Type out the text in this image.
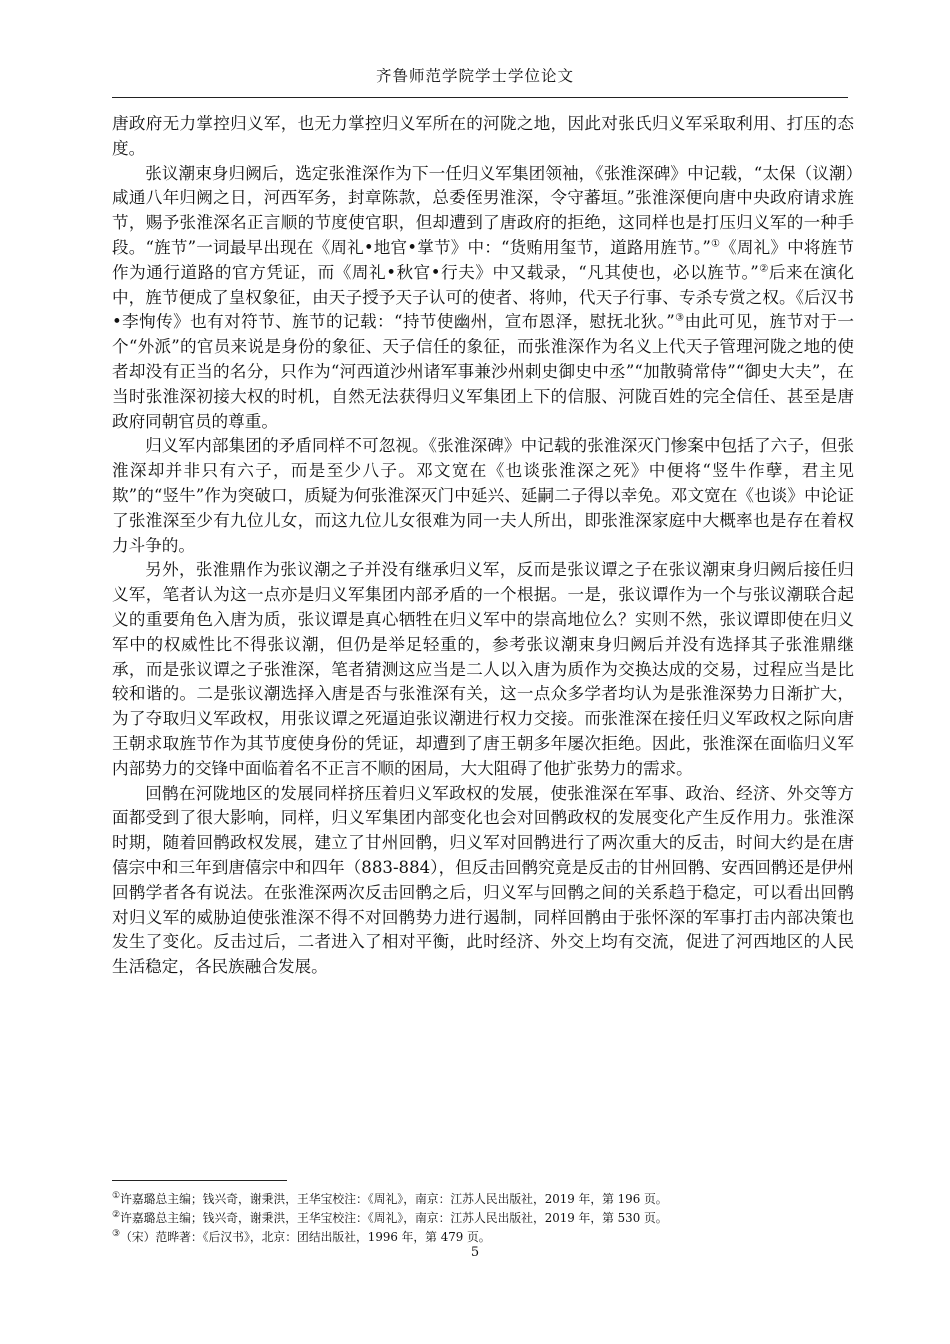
齐鲁师范学院学士学位论文

唐政府无力掌控归义军，也无力掌控归义军所在的河陇之地，因此对张氏归义军采取利用、打压的态度。

张议潮束身归阙后，选定张淮深作为下一任归义军集团领袖，《张淮深碑》中记载，“太保（议潮）咸通八年归阙之日，河西军务，封章陈款，总委侄男淮深，令守蕃垣。”张淮深便向唐中央政府请求旌节，赐予张淮深名正言顺的节度使官职，但却遭到了唐政府的拒绝，这同样也是打压归义军的一种手段。“旌节”一词最早出现在《周礼•地官•掌节》中：“货贿用玺节，道路用旌节。”①《周礼》中将旌节作为通行道路的官方凭证，而《周礼•秋官•行夫》中又载录，“凡其使也，必以旌节。”②后来在演化中，旌节便成了皇权象征，由天子授予天子认可的使者、将帅，代天子行事、专杀专赏之权。《后汉书•李恂传》也有对符节、旌节的记载：“持节使幽州，宣布恩泽，慰抚北狄。”③由此可见，旌节对于一个“外派”的官员来说是身份的象征、天子信任的象征，而张淮深作为名义上代天子管理河陇之地的使者却没有正当的名分，只作为“河西道沙州诸军事兼沙州刺史御史中丞”“加散骑常侍”“御史大夫”，在当时张淮深初接大权的时机，自然无法获得归义军集团上下的信服、河陇百姓的完全信任、甚至是唐政府同朝官员的尊重。

归义军内部集团的矛盾同样不可忽视。《张淮深碑》中记载的张淮深灭门惨案中包括了六子，但张淮深却并非只有六子，而是至少八子。邓文宽在《也谈张淮深之死》中便将“竖牛作孽，君主见欺”的“竖牛”作为突破口，质疑为何张淮深灭门中延兴、延嗣二子得以幸免。邓文宽在《也谈》中论证了张淮深至少有九位儿女，而这九位儿女很难为同一夫人所出，即张淮深家庭中大概率也是存在着权力斗争的。

另外，张淮鼎作为张议潮之子并没有继承归义军，反而是张议谭之子在张议潮束身归阙后接任归义军，笔者认为这一点亦是归义军集团内部矛盾的一个根据。一是，张议谭作为一个与张议潮联合起义的重要角色入唐为质，张议谭是真心牺牲在归义军中的崇高地位么？实则不然，张议谭即使在归义军中的权威性比不得张议潮，但仍是举足轻重的，参考张议潮束身归阙后并没有选择其子张淮鼎继承，而是张议谭之子张淮深，笔者猜测这应当是二人以入唐为质作为交换达成的交易，过程应当是比较和谐的。二是张议潮选择入唐是否与张淮深有关，这一点众多学者均认为是张淮深势力日渐扩大，为了夺取归义军政权，用张议谭之死逼迫张议潮进行权力交接。而张淮深在接任归义军政权之际向唐王朝求取旌节作为其节度使身份的凭证，却遭到了唐王朝多年屡次拒绝。因此，张淮深在面临归义军内部势力的交锋中面临着名不正言不顺的困局，大大阻碍了他扩张势力的需求。

回鹘在河陇地区的发展同样挤压着归义军政权的发展，使张淮深在军事、政治、经济、外交等方面都受到了很大影响，同样，归义军集团内部变化也会对回鹘政权的发展变化产生反作用力。张淮深时期，随着回鹘政权发展，建立了甘州回鹘，归义军对回鹘进行了两次重大的反击，时间大约是在唐僖宗中和三年到唐僖宗中和四年（883-884），但反击回鹘究竟是反击的甘州回鹘、安西回鹘还是伊州回鹘学者各有说法。在张淮深两次反击回鹘之后，归义军与回鹘之间的关系趋于稳定，可以看出回鹘对归义军的威胁迫使张淮深不得不对回鹘势力进行遏制，同样回鹘由于张怀深的军事打击内部决策也发生了变化。反击过后，二者进入了相对平衡，此时经济、外交上均有交流，促进了河西地区的人民生活稳定，各民族融合发展。

①许嘉璐总主编；钱兴奇，谢秉洪，王华宝校注：《周礼》，南京：江苏人民出版社，2019 年，第 196 页。
②许嘉璐总主编；钱兴奇，谢秉洪，王华宝校注：《周礼》，南京：江苏人民出版社，2019 年，第 530 页。
③（宋）范晔著：《后汉书》，北京：团结出版社，1996 年，第 479 页。
5
